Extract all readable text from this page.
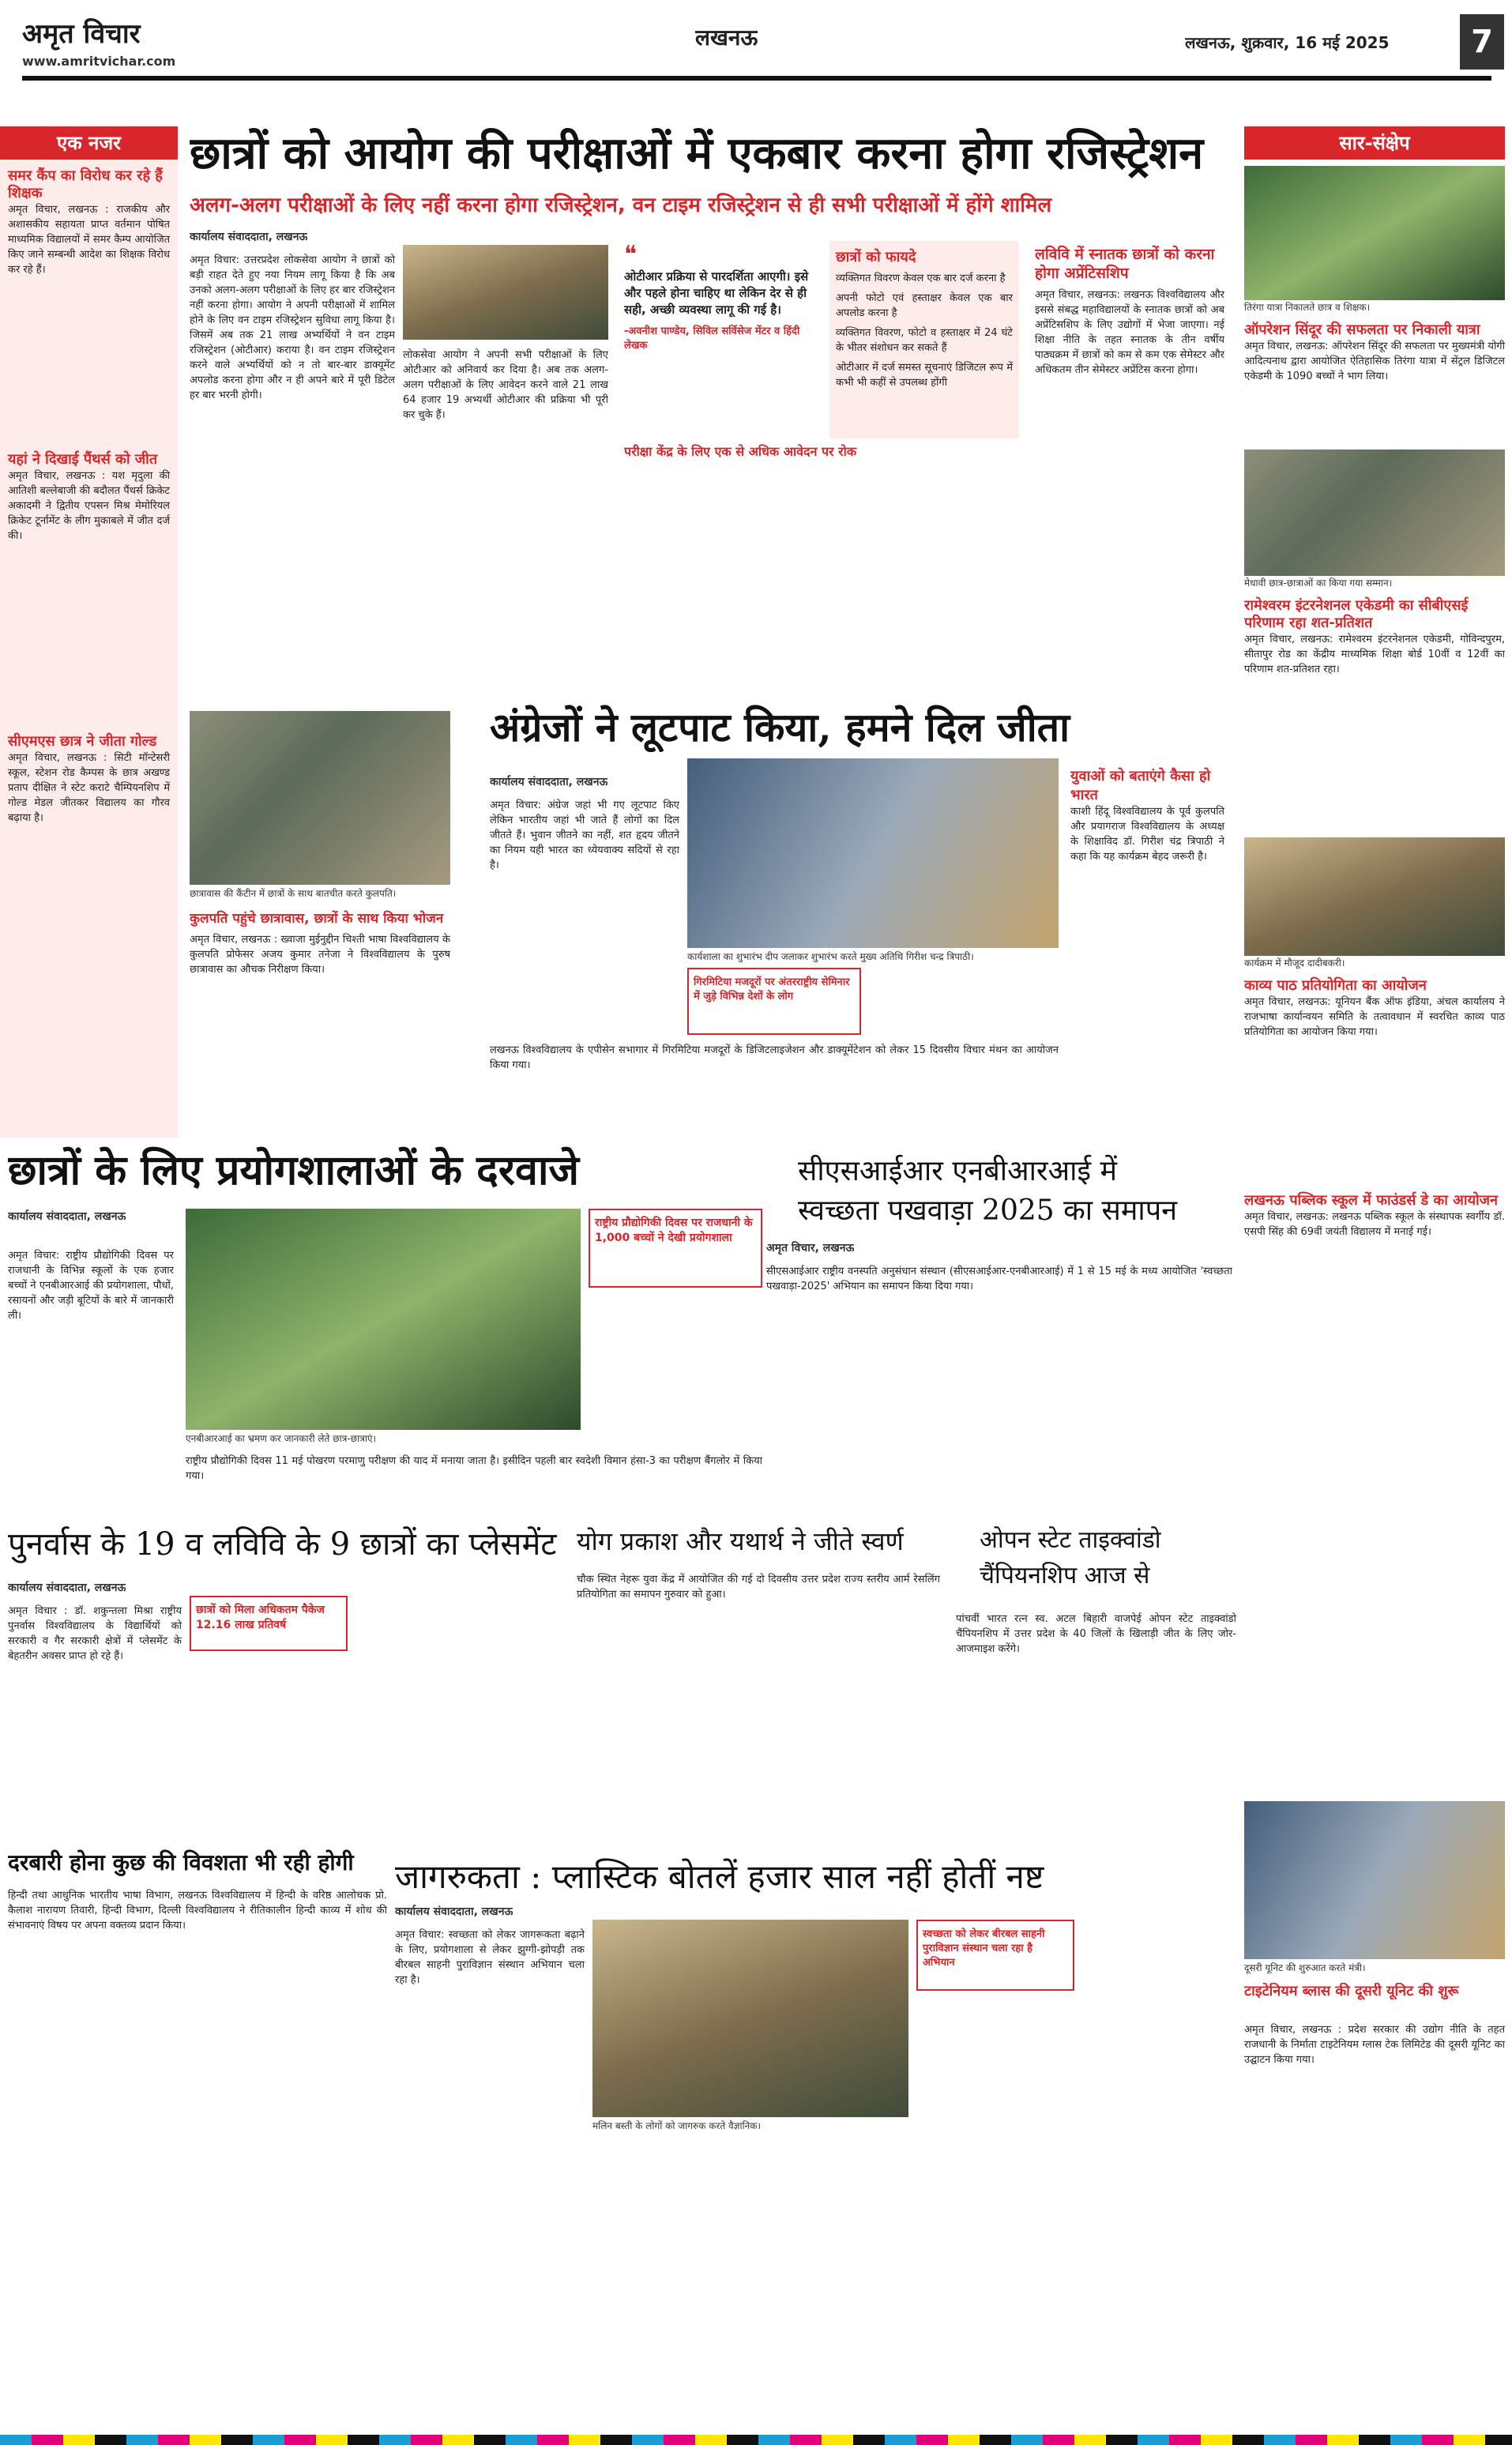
अमृत विचार
www.amritvichar.com
लखनऊ	लखनऊ, शुक्रवार, 16 मई 2025	7
एक नजर
समर कैंप का विरोध कर रहे हैं शिक्षक
अमृत विचार, लखनऊ : राजकीय और अशासकीय सहायता प्राप्त वर्तमान पोषित माध्यमिक विद्यालयों में समर कैम्प आयोजित किए जाने सम्बन्धी आदेश का शिक्षक विरोध कर रहे हैं।
यहां ने दिखाई पैंथर्स को जीत
अमृत विचार, लखनऊ : यश मृदुला की आतिशी बल्लेबाजी की बदौलत पैंथर्स क्रिकेट अकादमी ने द्वितीय एपसन मिश्र मेमोरियल क्रिकेट टूर्नामेंट के लीग मुकाबले में जीत दर्ज की।
सीएमएस छात्र ने जीता गोल्ड
अमृत विचार, लखनऊ : सिटी मॉन्टेसरी स्कूल, स्टेशन रोड कैम्पस के छात्र अखण्ड प्रताप दीक्षित ने स्टेट कराटे चैम्पियनशिप में गोल्ड मेडल जीतकर विद्यालय का गौरव बढ़ाया है।
छात्रों को आयोग की परीक्षाओं में एकबार करना होगा रजिस्ट्रेशन
अलग-अलग परीक्षाओं के लिए नहीं करना होगा रजिस्ट्रेशन, वन टाइम रजिस्ट्रेशन से ही सभी परीक्षाओं में होंगे शामिल
कार्यालय संवाददाता, लखनऊ
अमृत विचार: उत्तरप्रदेश लोकसेवा आयोग ने छात्रों को बड़ी राहत देते हुए नया नियम लागू किया है कि अब उनको अलग-अलग परीक्षाओं के लिए हर बार रजिस्ट्रेशन नहीं करना होगा। आयोग ने अपनी परीक्षाओं में शामिल होने के लिए वन टाइम रजिस्ट्रेशन सुविधा लागू किया है। जिसमें अब तक 21 लाख अभ्यर्थियों ने वन टाइम रजिस्ट्रेशन (ओटीआर) कराया है। वन टाइम रजिस्ट्रेशन करने वाले अभ्यर्थियों को न तो बार-बार डाक्यूमेंट अपलोड करना होगा और न ही अपने बारे में पूरी डिटेल हर बार भरनी होगी।
लोकसेवा आयोग ने अपनी सभी परीक्षाओं के लिए ओटीआर को अनिवार्य कर दिया है। अब तक अलग-अलग परीक्षाओं के लिए आवेदन करने वाले 21 लाख 64 हजार 19 अभ्यर्थी ओटीआर की प्रक्रिया भी पूरी कर चुके हैं।
❝
ओटीआर प्रक्रिया से पारदर्शिता आएगी। इसे और पहले होना चाहिए था लेकिन देर से ही सही, अच्छी व्यवस्था लागू की गई है।
-अवनीश पाण्डेय, सिविल सर्विसेज मेंटर व हिंदी लेखक
छात्रों को फायदे
व्यक्तिगत विवरण केवल एक बार दर्ज करना है
अपनी फोटो एवं हस्ताक्षर केवल एक बार अपलोड करना है
व्यक्तिगत विवरण, फोटो व हस्ताक्षर में 24 घंटे के भीतर संशोधन कर सकते हैं
ओटीआर में दर्ज समस्त सूचनाएं डिजिटल रूप में कभी भी कहीं से उपलब्ध होंगी
परीक्षा केंद्र के लिए एक से अधिक आवेदन पर रोक
लविवि में स्नातक छात्रों को करना होगा अप्रेंटिसशिप
अमृत विचार, लखनऊ: लखनऊ विश्वविद्यालय और इससे संबद्ध महाविद्यालयों के स्नातक छात्रों को अब अप्रेंटिसशिप के लिए उद्योगों में भेजा जाएगा। नई शिक्षा नीति के तहत स्नातक के तीन वर्षीय पाठ्यक्रम में छात्रों को कम से कम एक सेमेस्टर और अधिकतम तीन सेमेस्टर अप्रेंटिस करना होगा।
छात्रावास की कैंटीन में छात्रों के साथ बातचीत करते कुलपति।
कुलपति पहुंचे छात्रावास, छात्रों के साथ किया भोजन
अमृत विचार, लखनऊ : ख्वाजा मुईनुद्दीन चिश्ती भाषा विश्वविद्यालय के कुलपति प्रोफेसर अजय कुमार तनेजा ने विश्वविद्यालय के पुरुष छात्रावास का औचक निरीक्षण किया।
अंग्रेजों ने लूटपाट किया, हमने दिल जीता
कार्यालय संवाददाता, लखनऊ
अमृत विचार: अंग्रेज जहां भी गए लूटपाट किए लेकिन भारतीय जहां भी जाते हैं लोगों का दिल जीतते हैं। भुवान जीतने का नहीं, शत हृदय जीतने का नियम यही भारत का ध्येयवाक्य सदियों से रहा है।
कार्यशाला का शुभारंभ दीप जलाकर शुभारंभ करते मुख्य अतिथि गिरीश चन्द्र त्रिपाठी।
युवाओं को बताएंगे कैसा हो भारत
काशी हिंदू विश्वविद्यालय के पूर्व कुलपति और प्रयागराज विश्वविद्यालय के अध्यक्ष के शिक्षाविद डॉ. गिरीश चंद्र त्रिपाठी ने कहा कि यह कार्यक्रम बेहद जरूरी है।
गिरमिटिया मजदूरों पर अंतरराष्ट्रीय सेमिनार में जुड़े विभिन्न देशों के लोग
लखनऊ विश्वविद्यालय के एपीसेन सभागार में गिरमिटिया मजदूरों के डिजिटलाइजेशन और डाक्यूमेंटेशन को लेकर 15 दिवसीय विचार मंथन का आयोजन किया गया।
सार-संक्षेप
तिरंगा यात्रा निकालते छात्र व शिक्षक।
ऑपरेशन सिंदूर की सफलता पर निकाली यात्रा
अमृत विचार, लखनऊ: ऑपरेशन सिंदूर की सफलता पर मुख्यमंत्री योगी आदित्यनाथ द्वारा आयोजित ऐतिहासिक तिरंगा यात्रा में सेंट्रल डिजिटल एकेडमी के 1090 बच्चों ने भाग लिया।
मेधावी छात्र-छात्राओं का किया गया सम्मान।
रामेश्वरम इंटरनेशनल एकेडमी का सीबीएसई परिणाम रहा शत-प्रतिशत
अमृत विचार, लखनऊ: रामेश्वरम इंटरनेशनल एकेडमी, गोविन्दपुरम, सीतापुर रोड का केंद्रीय माध्यमिक शिक्षा बोर्ड 10वीं व 12वीं का परिणाम शत-प्रतिशत रहा।
कार्यक्रम में मौजूद दादीबकरी।
काव्य पाठ प्रतियोगिता का आयोजन
अमृत विचार, लखनऊ: यूनियन बैंक ऑफ इंडिया, अंचल कार्यालय ने राजभाषा कार्यान्वयन समिति के तत्वावधान में स्वरचित काव्य पाठ प्रतियोगिता का आयोजन किया गया।
लखनऊ पब्लिक स्कूल में फाउंडर्स डे का आयोजन
अमृत विचार, लखनऊ: लखनऊ पब्लिक स्कूल के संस्थापक स्वर्गीय डॉ. एसपी सिंह की 69वीं जयंती विद्यालय में मनाई गई।
दूसरी यूनिट की शुरुआत करते मंत्री।
टाइटेनियम ब्लास की दूसरी यूनिट की शुरू
अमृत विचार, लखनऊ : प्रदेश सरकार की उद्योग नीति के तहत राजधानी के निर्माता टाइटेनियम ग्लास टेक लिमिटेड की दूसरी यूनिट का उद्घाटन किया गया।
छात्रों के लिए प्रयोगशालाओं के दरवाजे
कार्यालय संवाददाता, लखनऊ
अमृत विचार: राष्ट्रीय प्रौद्योगिकी दिवस पर राजधानी के विभिन्न स्कूलों के एक हजार बच्चों ने एनबीआरआई की प्रयोगशाला, पौधों, रसायनों और जड़ी बूटियों के बारे में जानकारी ली।
एनबीआरआई का भ्रमण कर जानकारी लेते छात्र-छात्राएं।
राष्ट्रीय प्रौद्योगिकी दिवस पर राजधानी के 1,000 बच्चों ने देखी प्रयोगशाला
राष्ट्रीय प्रौद्योगिकी दिवस 11 मई पोखरण परमाणु परीक्षण की याद में मनाया जाता है। इसीदिन पहली बार स्वदेशी विमान हंसा-3 का परीक्षण बैंगलोर में किया गया।
सीएसआईआर एनबीआरआई में
स्वच्छता पखवाड़ा 2025 का समापन
अमृत विचार, लखनऊ
सीएसआईआर राष्ट्रीय वनस्पति अनुसंधान संस्थान (सीएसआईआर-एनबीआरआई) में 1 से 15 मई के मध्य आयोजित 'स्वच्छता पखवाड़ा-2025' अभियान का समापन किया दिया गया।
पुनर्वास के 19 व लविवि के 9 छात्रों का प्लेसमेंट
कार्यालय संवाददाता, लखनऊ
छात्रों को मिला अधिकतम पैकेज 12.16 लाख प्रतिवर्ष
अमृत विचार : डॉ. शकुन्तला मिश्रा राष्ट्रीय पुनर्वास विश्वविद्यालय के विद्यार्थियों को सरकारी व गैर सरकारी क्षेत्रों में प्लेसमेंट के बेहतरीन अवसर प्राप्त हो रहे हैं।
योग प्रकाश और यथार्थ ने जीते स्वर्ण
चौक स्थित नेहरू युवा केंद्र में आयोजित की गई दो दिवसीय उत्तर प्रदेश राज्य स्तरीय आर्म रेसलिंग प्रतियोगिता का समापन गुरुवार को हुआ।
ओपन स्टेट ताइक्वांडो
चैंपियनशिप आज से
पांचवीं भारत रत्न स्व. अटल बिहारी वाजपेई ओपन स्टेट ताइक्वांडो चैंपियनशिप में उत्तर प्रदेश के 40 जिलों के खिलाड़ी जीत के लिए जोर-आजमाइश करेंगे।
दरबारी होना कुछ की विवशता भी रही होगी
हिन्दी तथा आधुनिक भारतीय भाषा विभाग, लखनऊ विश्वविद्यालय में हिन्दी के वरिष्ठ आलोचक प्रो. कैलाश नारायण तिवारी, हिन्दी विभाग, दिल्ली विश्वविद्यालय ने रीतिकालीन हिन्दी काव्य में शोध की संभावनाएं विषय पर अपना वक्तव्य प्रदान किया।
जागरुकता : प्लास्टिक बोतलें हजार साल नहीं होतीं नष्ट
कार्यालय संवाददाता, लखनऊ
अमृत विचार: स्वच्छता को लेकर जागरूकता बढ़ाने के लिए, प्रयोगशाला से लेकर झुग्गी-झोपड़ी तक बीरबल साहनी पुराविज्ञान संस्थान अभियान चला रहा है।
मलिन बस्ती के लोगों को जागरुक करते वैज्ञानिक।
स्वच्छता को लेकर बीरबल साहनी पुराविज्ञान संस्थान चला रहा है अभियान
